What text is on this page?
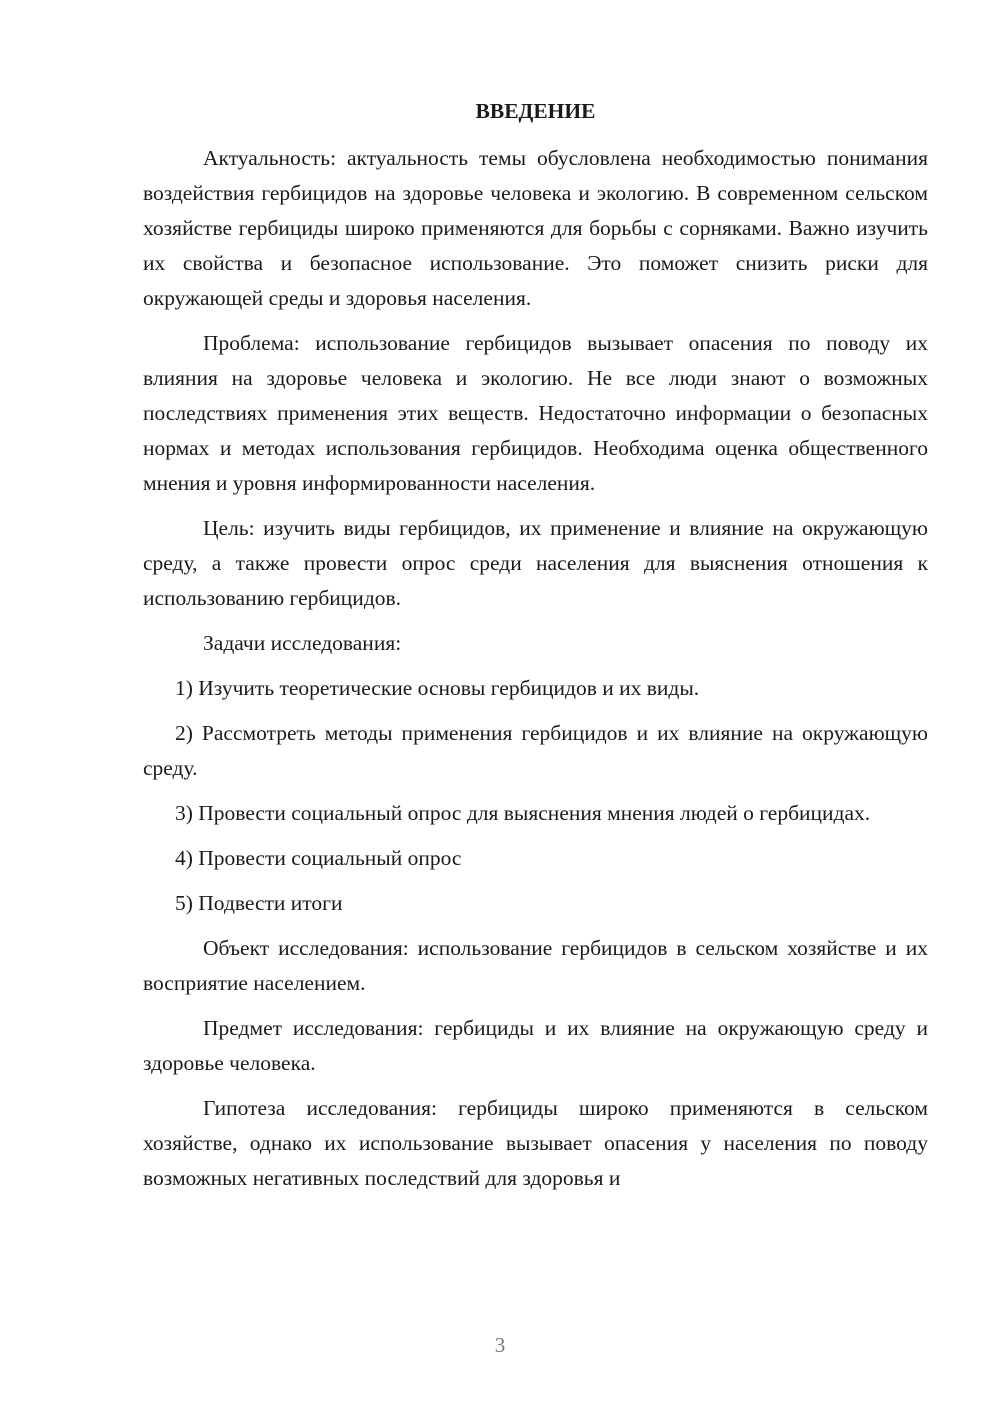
ВВЕДЕНИЕ

Актуальность: актуальность темы обусловлена необходимостью понимания воздействия гербицидов на здоровье человека и экологию. В современном сельском хозяйстве гербициды широко применяются для борьбы с сорняками. Важно изучить их свойства и безопасное использование. Это поможет снизить риски для окружающей среды и здоровья населения.

Проблема: использование гербицидов вызывает опасения по поводу их влияния на здоровье человека и экологию. Не все люди знают о возможных последствиях применения этих веществ. Недостаточно информации о безопасных нормах и методах использования гербицидов. Необходима оценка общественного мнения и уровня информированности населения.

Цель: изучить виды гербицидов, их применение и влияние на окружающую среду, а также провести опрос среди населения для выяснения отношения к использованию гербицидов.

Задачи исследования:

1) Изучить теоретические основы гербицидов и их виды.

2) Рассмотреть методы применения гербицидов и их влияние на окружающую среду.

3) Провести социальный опрос для выяснения мнения людей о гербицидах.

4) Провести социальный опрос

5) Подвести итоги

Объект исследования: использование гербицидов в сельском хозяйстве и их восприятие населением.

Предмет исследования: гербициды и их влияние на окружающую среду и здоровье человека.

Гипотеза исследования: гербициды широко применяются в сельском хозяйстве, однако их использование вызывает опасения у населения по поводу возможных негативных последствий для здоровья и

3
